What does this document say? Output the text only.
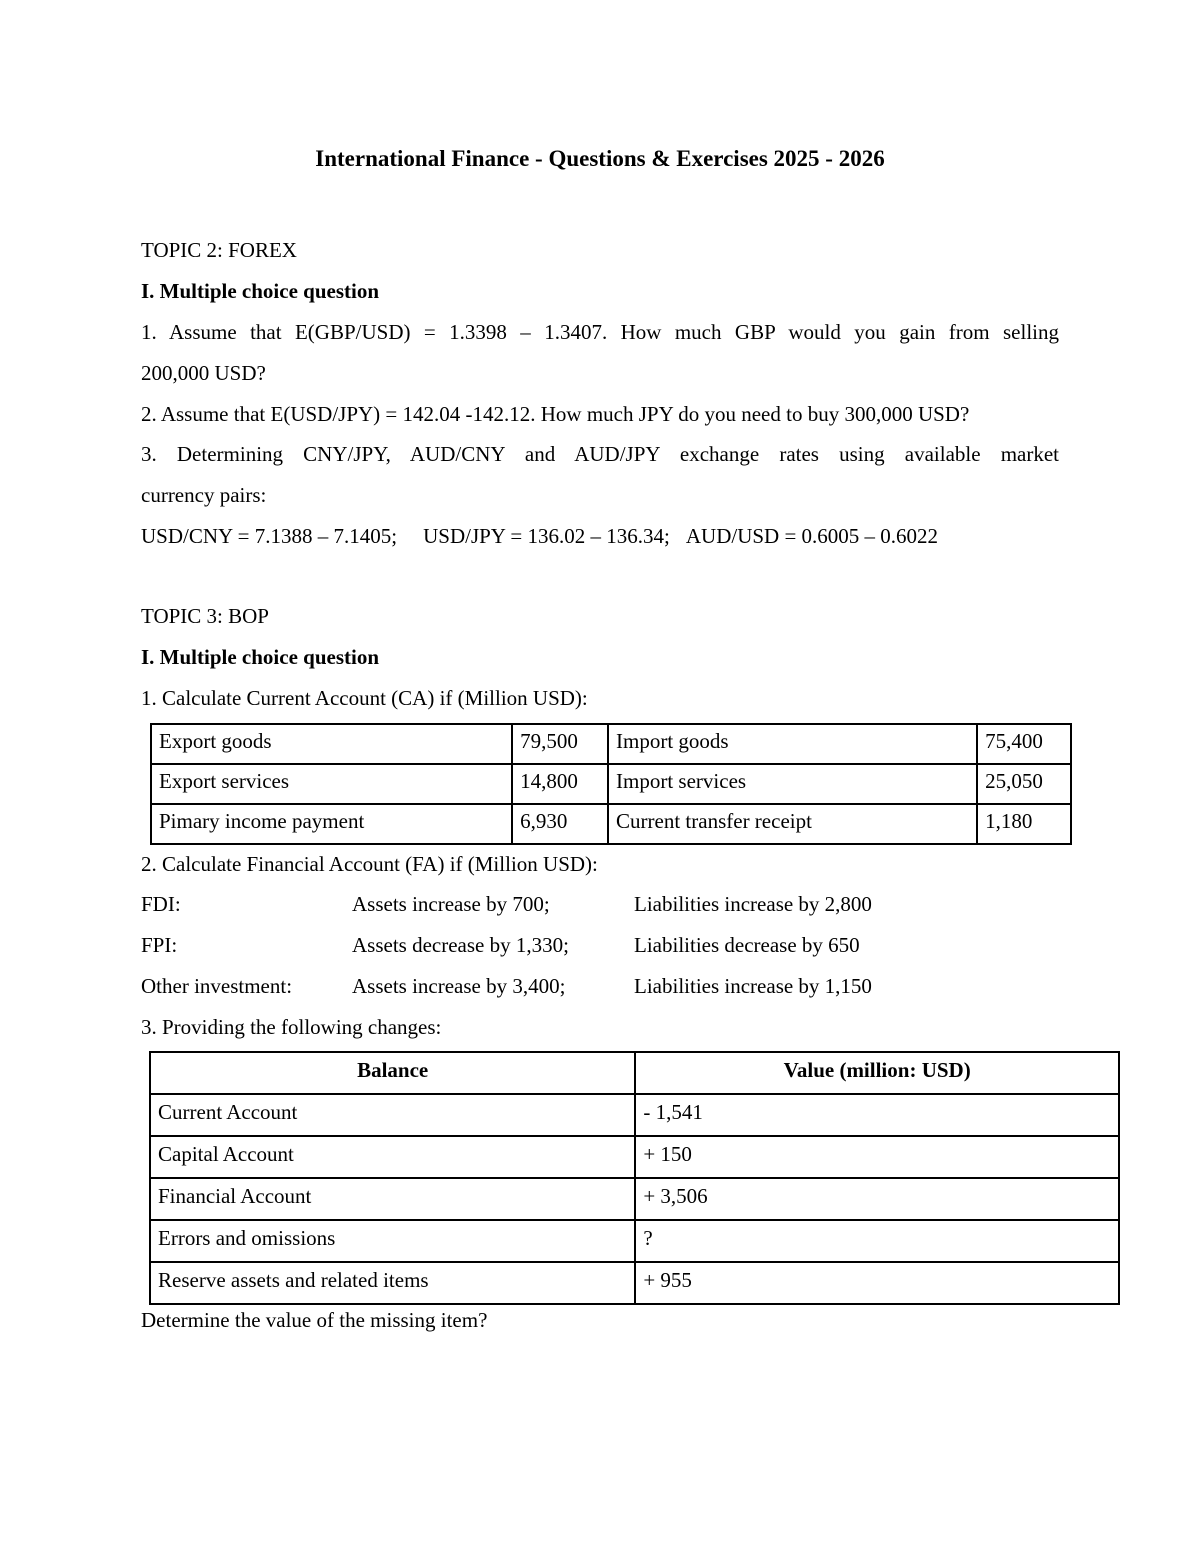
International Finance - Questions & Exercises 2025 - 2026
TOPIC 2: FOREX
I. Multiple choice question
1. Assume that E(GBP/USD) = 1.3398 – 1.3407. How much GBP would you gain from selling
200,000 USD?
2. Assume that E(USD/JPY) = 142.04 -142.12. How much JPY do you need to buy 300,000 USD?
3. Determining CNY/JPY, AUD/CNY and AUD/JPY exchange rates using available market
currency pairs:
USD/CNY = 7.1388 – 7.1405; USD/JPY = 136.02 – 136.34; AUD/USD = 0.6005 – 0.6022
TOPIC 3: BOP
I. Multiple choice question
1. Calculate Current Account (CA) if (Million USD):
Export goods	79,500	Import goods	75,400
Export services	14,800	Import services	25,050
Pimary income payment	6,930	Current transfer receipt	1,180
2. Calculate Financial Account (FA) if (Million USD):
FDI:	Assets increase by 700;	Liabilities increase by 2,800
FPI:	Assets decrease by 1,330;	Liabilities decrease by 650
Other investment:	Assets increase by 3,400;	Liabilities increase by 1,150
3. Providing the following changes:
Balance	Value (million: USD)
Current Account	- 1,541
Capital Account	+ 150
Financial Account	+ 3,506
Errors and omissions	?
Reserve assets and related items	+ 955
Determine the value of the missing item?
